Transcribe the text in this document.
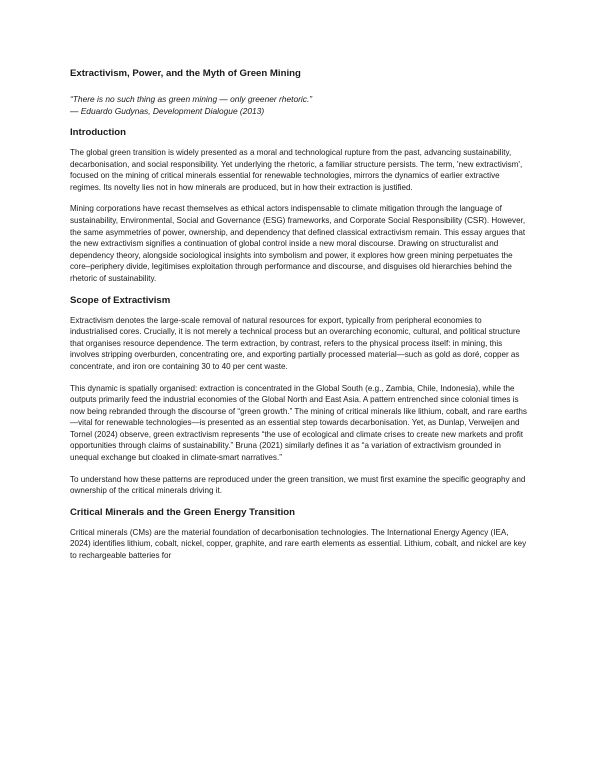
Extractivism, Power, and the Myth of Green Mining
“There is no such thing as green mining — only greener rhetoric.”
— Eduardo Gudynas, Development Dialogue (2013)
Introduction

The global green transition is widely presented as a moral and technological rupture from the past, advancing sustainability, decarbonisation, and social responsibility. Yet underlying the rhetoric, a familiar structure persists. The term, 'new extractivism', focused on the mining of critical minerals essential for renewable technologies, mirrors the dynamics of earlier extractive regimes. Its novelty lies not in how minerals are produced, but in how their extraction is justified.

Mining corporations have recast themselves as ethical actors indispensable to climate mitigation through the language of sustainability, Environmental, Social and Governance (ESG) frameworks, and Corporate Social Responsibility (CSR). However, the same asymmetries of power, ownership, and dependency that defined classical extractivism remain. This essay argues that the new extractivism signifies a continuation of global control inside a new moral discourse. Drawing on structuralist and dependency theory, alongside sociological insights into symbolism and power, it explores how green mining perpetuates the core–periphery divide, legitimises exploitation through performance and discourse, and disguises old hierarchies behind the rhetoric of sustainability.

Scope of Extractivism

Extractivism denotes the large-scale removal of natural resources for export, typically from peripheral economies to industrialised cores. Crucially, it is not merely a technical process but an overarching economic, cultural, and political structure that organises resource dependence. The term extraction, by contrast, refers to the physical process itself: in mining, this involves stripping overburden, concentrating ore, and exporting partially processed material—such as gold as doré, copper as concentrate, and iron ore containing 30 to 40 per cent waste.

This dynamic is spatially organised: extraction is concentrated in the Global South (e.g., Zambia, Chile, Indonesia), while the outputs primarily feed the industrial economies of the Global North and East Asia. A pattern entrenched since colonial times is now being rebranded through the discourse of “green growth.” The mining of critical minerals like lithium, cobalt, and rare earths—vital for renewable technologies—is presented as an essential step towards decarbonisation. Yet, as Dunlap, Verweijen and Tornel (2024) observe, green extractivism represents “the use of ecological and climate crises to create new markets and profit opportunities through claims of sustainability.” Bruna (2021) similarly defines it as “a variation of extractivism grounded in unequal exchange but cloaked in climate-smart narratives.”

To understand how these patterns are reproduced under the green transition, we must first examine the specific geography and ownership of the critical minerals driving it.

Critical Minerals and the Green Energy Transition

Critical minerals (CMs) are the material foundation of decarbonisation technologies. The International Energy Agency (IEA, 2024) identifies lithium, cobalt, nickel, copper, graphite, and rare earth elements as essential. Lithium, cobalt, and nickel are key to rechargeable batteries for
